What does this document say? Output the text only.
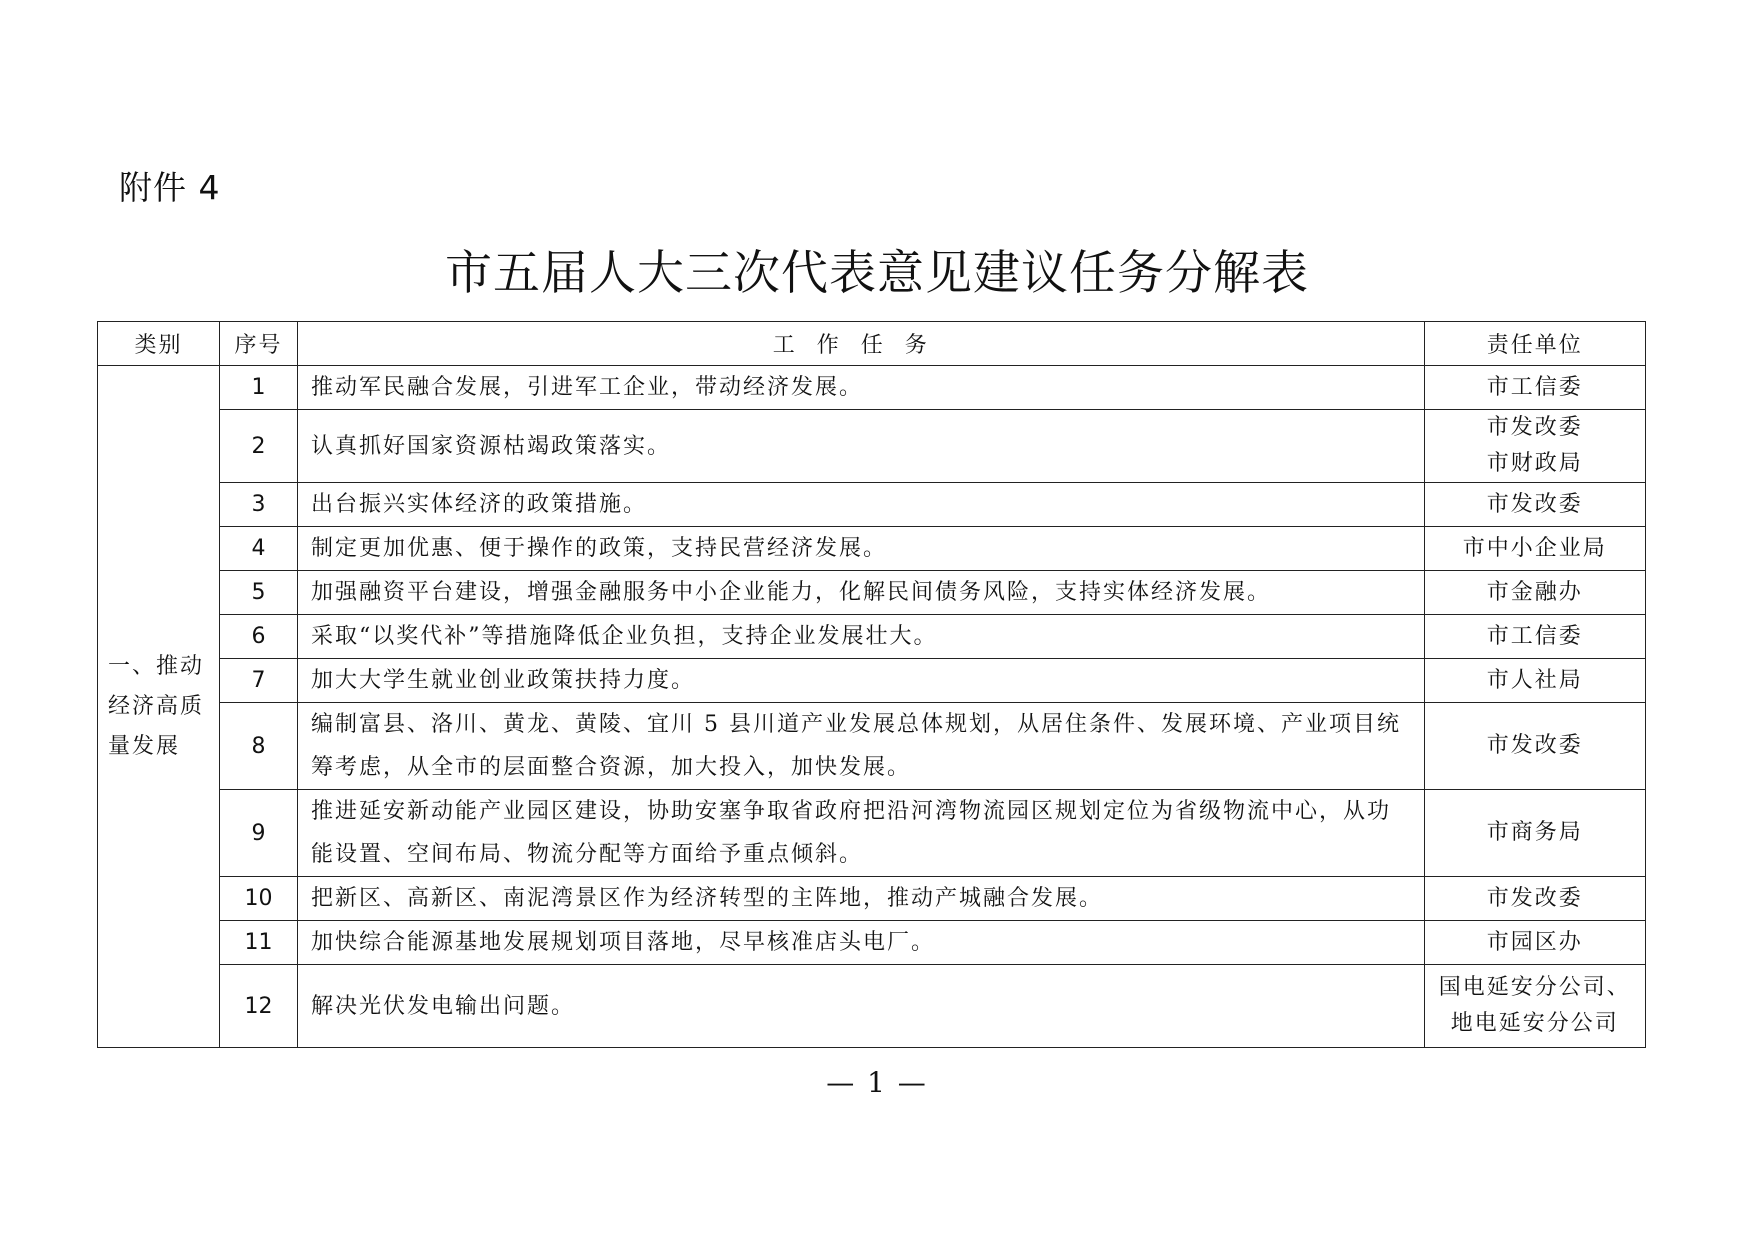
附件 4
市五届人大三次代表意见建议任务分解表
类别	序号	工作任务	责任单位
一、推动经济高质量发展	1	推动军民融合发展，引进军工企业，带动经济发展。	市工信委

	2	认真抓好国家资源枯竭政策落实。	市发改委
市财政局

	3	出台振兴实体经济的政策措施。	市发改委

	4	制定更加优惠、便于操作的政策，支持民营经济发展。	市中小企业局

	5	加强融资平台建设，增强金融服务中小企业能力，化解民间债务风险，支持实体经济发展。	市金融办

	6	采取“以奖代补”等措施降低企业负担，支持企业发展壮大。	市工信委

	7	加大大学生就业创业政策扶持力度。	市人社局

	8	编制富县、洛川、黄龙、黄陵、宜川 5 县川道产业发展总体规划，从居住条件、发展环境、产业项目统筹考虑，从全市的层面整合资源，加大投入，加快发展。	市发改委

	9	推进延安新动能产业园区建设，协助安塞争取省政府把沿河湾物流园区规划定位为省级物流中心，从功能设置、空间布局、物流分配等方面给予重点倾斜。	市商务局

	10	把新区、高新区、南泥湾景区作为经济转型的主阵地，推动产城融合发展。	市发改委

	11	加快综合能源基地发展规划项目落地，尽早核准店头电厂。	市园区办

	12	解决光伏发电输出问题。	国电延安分公司、
地电延安分公司
— 1 —
